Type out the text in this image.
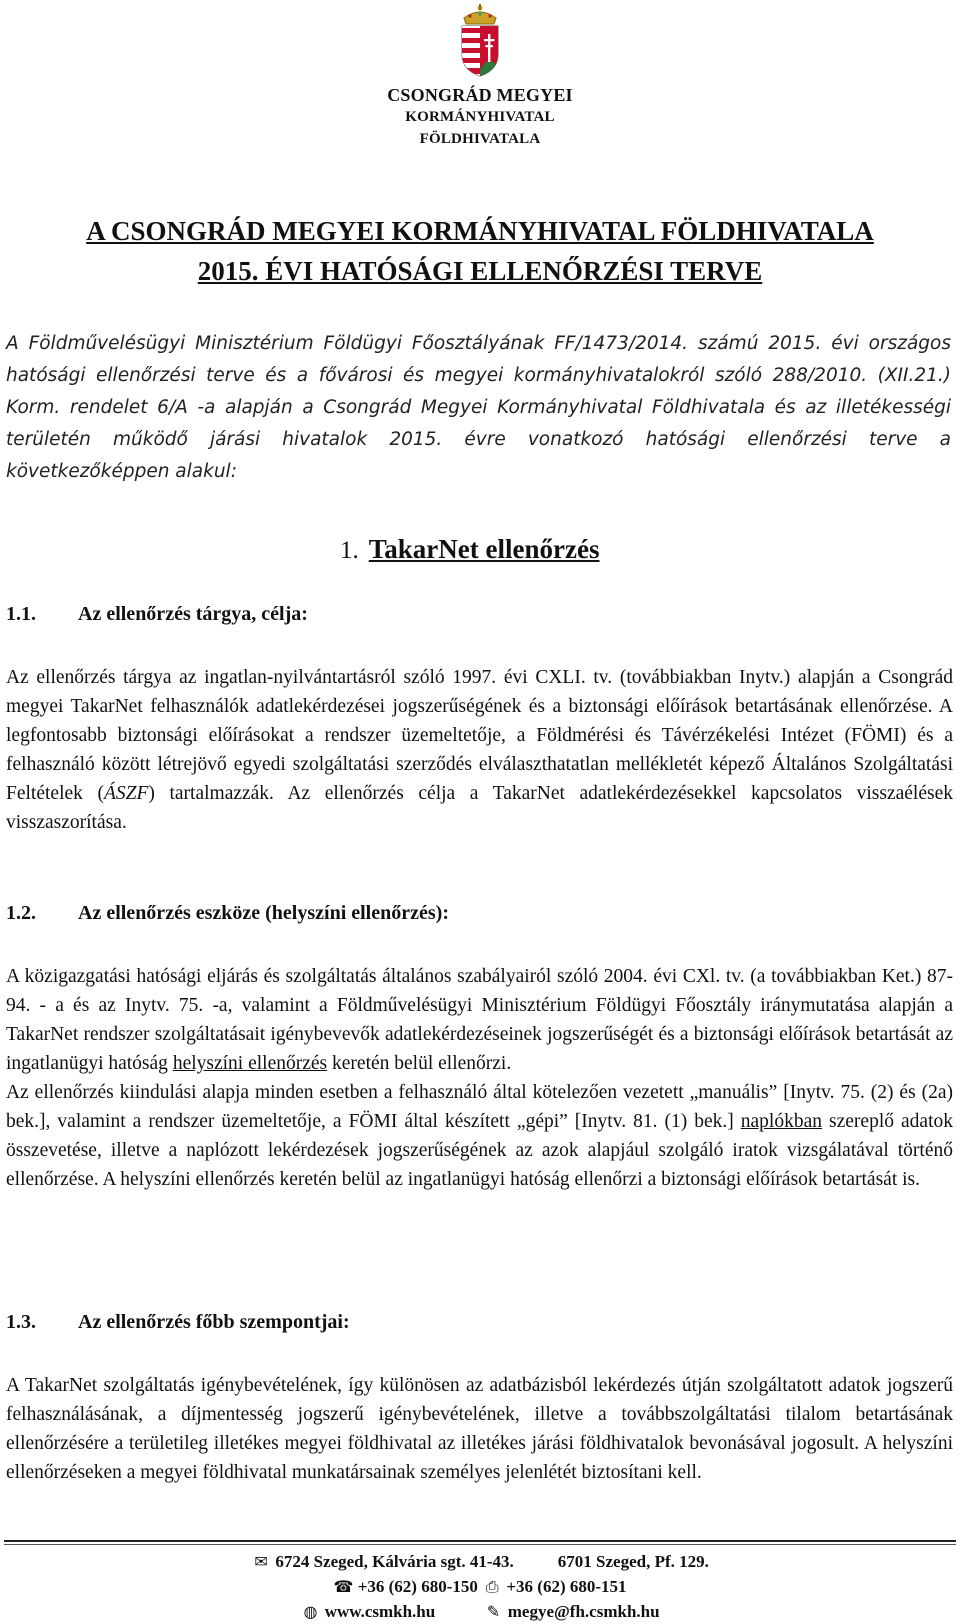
CSONGRÁD MEGYEI
KORMÁNYHIVATAL
FÖLDHIVATALA
A CSONGRÁD MEGYEI KORMÁNYHIVATAL FÖLDHIVATALA
2015. ÉVI HATÓSÁGI ELLENŐRZÉSI TERVE

A Földművelésügyi Minisztérium Földügyi Főosztályának FF/1473/2014. számú 2015. évi országos hatósági ellenőrzési terve és a fővárosi és megyei kormányhivatalokról szóló 288/2010. (XII.21.) Korm. rendelet 6/A -a alapján a Csongrád Megyei Kormányhivatal Földhivatala és az illetékességi területén működő járási hivatalok 2015. évre vonatkozó hatósági ellenőrzési terve a következőképpen alakul:

1. TakarNet ellenőrzés
1.1. Az ellenőrzés tárgya, célja:

Az ellenőrzés tárgya az ingatlan-nyilvántartásról szóló 1997. évi CXLI. tv. (továbbiakban Inytv.) alapján a Csongrád megyei TakarNet felhasználók adatlekérdezései jogszerűségének és a biztonsági előírások betartásának ellenőrzése. A legfontosabb biztonsági előírásokat a rendszer üzemeltetője, a Földmérési és Távérzékelési Intézet (FÖMI) és a felhasználó között létrejövő egyedi szolgáltatási szerződés elválaszthatatlan mellékletét képező Általános Szolgáltatási Feltételek (ÁSZF) tartalmazzák. Az ellenőrzés célja a TakarNet adatlekérdezésekkel kapcsolatos visszaélések visszaszorítása.

1.2. Az ellenőrzés eszköze (helyszíni ellenőrzés):

A közigazgatási hatósági eljárás és szolgáltatás általános szabályairól szóló 2004. évi CXl. tv. (a továbbiakban Ket.) 87-94. - a és az Inytv. 75. -a, valamint a Földművelésügyi Minisztérium Földügyi Főosztály iránymutatása alapján a TakarNet rendszer szolgáltatásait igénybevevők adatlekérdezéseinek jogszerűségét és a biztonsági előírások betartását az ingatlanügyi hatóság helyszíni ellenőrzés keretén belül ellenőrzi.
Az ellenőrzés kiindulási alapja minden esetben a felhasználó által kötelezően vezetett „manuális” [Inytv. 75. (2) és (2a) bek.], valamint a rendszer üzemeltetője, a FÖMI által készített „gépi” [Inytv. 81. (1) bek.] naplókban szereplő adatok összevetése, illetve a naplózott lekérdezések jogszerűségének az azok alapjául szolgáló iratok vizsgálatával történő ellenőrzése. A helyszíni ellenőrzés keretén belül az ingatlanügyi hatóság ellenőrzi a biztonsági előírások betartását is.

1.3. Az ellenőrzés főbb szempontjai:

A TakarNet szolgáltatás igénybevételének, így különösen az adatbázisból lekérdezés útján szolgáltatott adatok jogszerű felhasználásának, a díjmentesség jogszerű igénybevételének, illetve a továbbszolgáltatási tilalom betartásának ellenőrzésére a területileg illetékes megyei földhivatal az illetékes járási földhivatalok bevonásával jogosult. A helyszíni ellenőrzéseken a megyei földhivatal munkatársainak személyes jelenlétét biztosítani kell.

✉ 6724 Szeged, Kálvária sgt. 41-43.	6701 Szeged, Pf. 129.
☎ +36 (62) 680-150 ⎙ +36 (62) 680-151
◍ www.csmkh.hu	✎ megye@fh.csmkh.hu
